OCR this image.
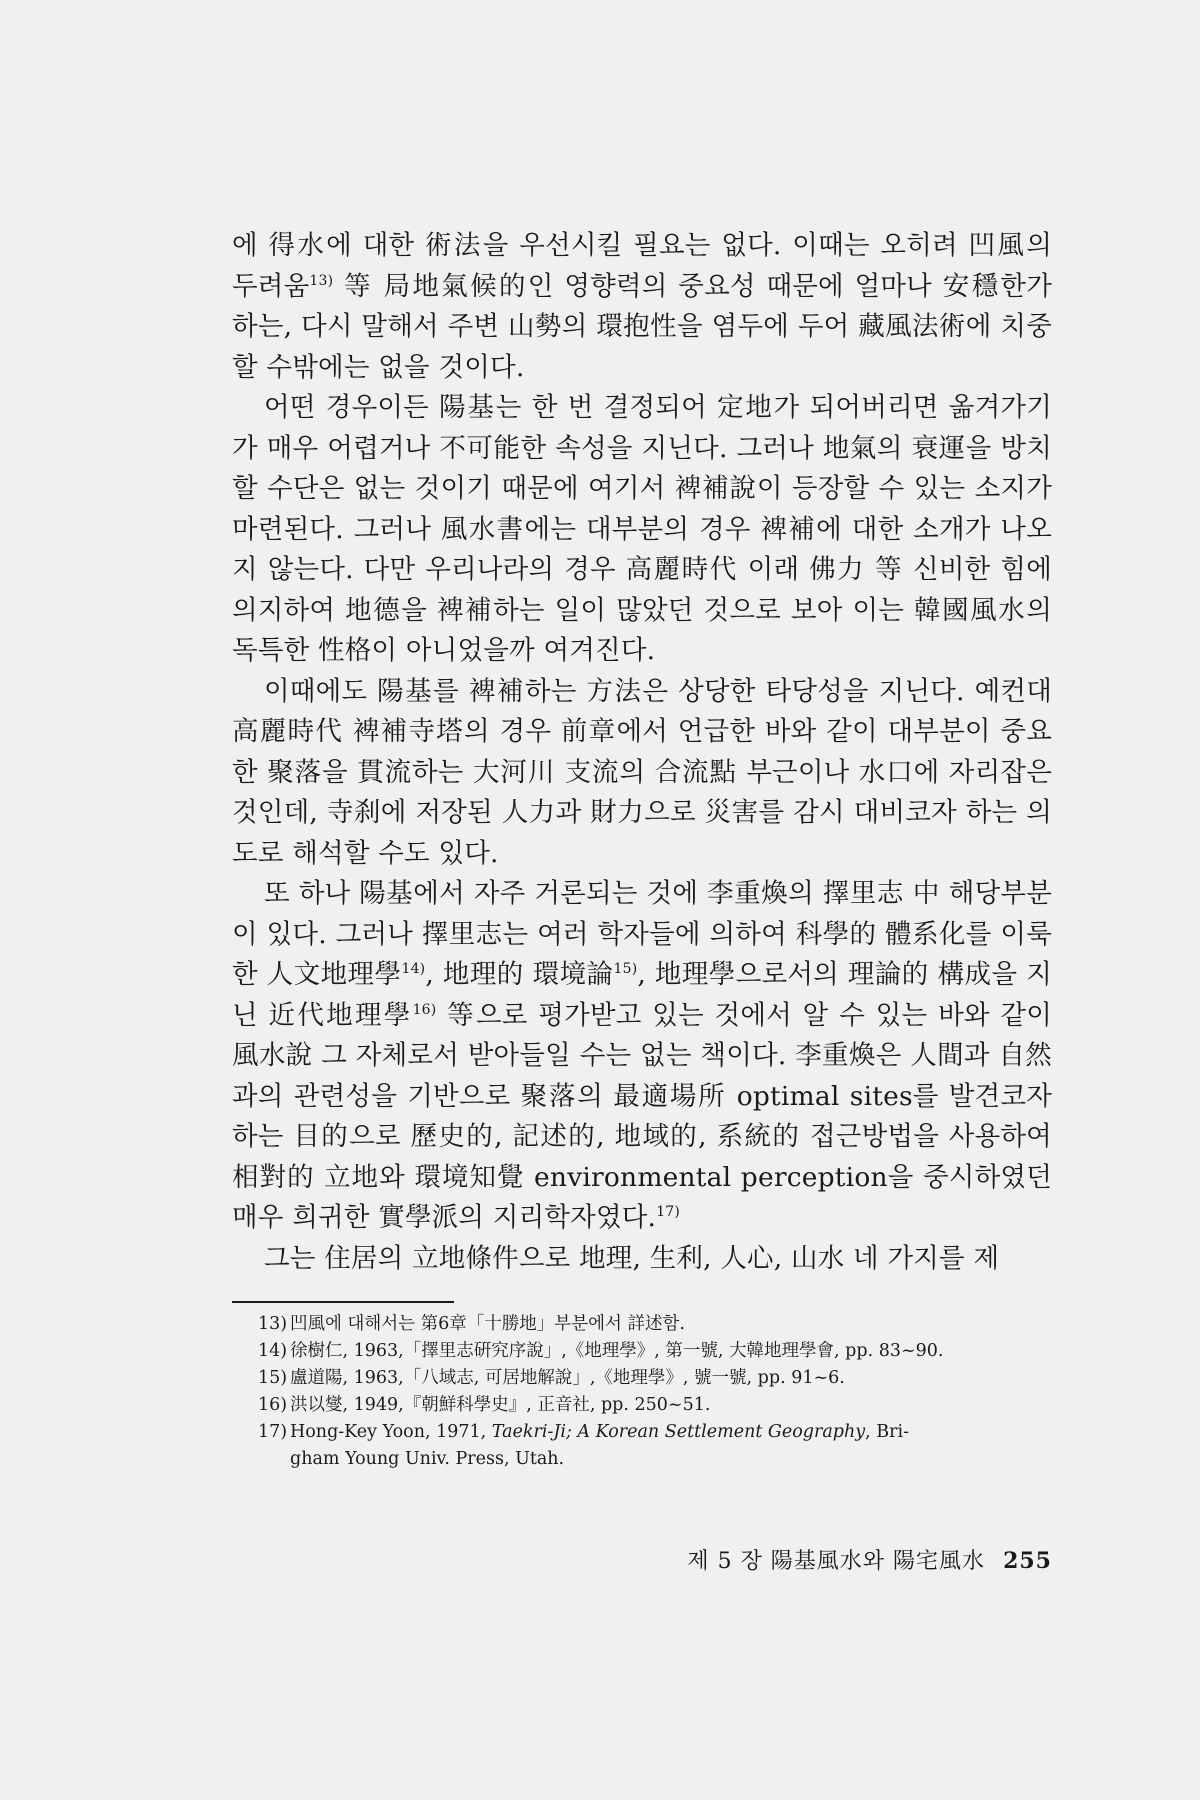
에 得水에 대한 術法을 우선시킬 필요는 없다. 이때는 오히려 凹風의 두려움$^{13)}$ 等 局地氣候的인 영향력의 중요성 때문에 얼마나 安穩한가 하는, 다시 말해서 주변 山勢의 環抱性을 염두에 두어 藏風法術에 치중할 수밖에는 없을 것이다.

어떤 경우이든 陽基는 한 번 결정되어 定地가 되어버리면 옮겨가기가 매우 어렵거나 不可能한 속성을 지닌다. 그러나 地氣의 衰運을 방치할 수단은 없는 것이기 때문에 여기서 裨補說이 등장할 수 있는 소지가 마련된다. 그러나 風水書에는 대부분의 경우 裨補에 대한 소개가 나오지 않는다. 다만 우리나라의 경우 高麗時代 이래 佛力 等 신비한 힘에 의지하여 地德을 裨補하는 일이 많았던 것으로 보아 이는 韓國風水의 독특한 性格이 아니었을까 여겨진다.

이때에도 陽基를 裨補하는 方法은 상당한 타당성을 지닌다. 예컨대 高麗時代 裨補寺塔의 경우 前章에서 언급한 바와 같이 대부분이 중요한 聚落을 貫流하는 大河川 支流의 合流點 부근이나 水口에 자리잡은 것인데, 寺刹에 저장된 人力과 財力으로 災害를 감시 대비코자 하는 의도로 해석할 수도 있다.

또 하나 陽基에서 자주 거론되는 것에 李重煥의 擇里志 中 해당부분이 있다. 그러나 擇里志는 여러 학자들에 의하여 科學的 體系化를 이룩한 人文地理學$^{14)}$, 地理的 環境論$^{15)}$, 地理學으로서의 理論的 構成을 지닌 近代地理學$^{16)}$ 等으로 평가받고 있는 것에서 알 수 있는 바와 같이 風水說 그 자체로서 받아들일 수는 없는 책이다. 李重煥은 人間과 自然과의 관련성을 기반으로 聚落의 最適場所 optimal sites를 발견코자 하는 目的으로 歷史的, 記述的, 地域的, 系統的 접근방법을 사용하여 相對的 立地와 環境知覺 environmental perception을 중시하였던 매우 희귀한 實學派의 지리학자였다.$^{17)}$

그는 住居의 立地條件으로 地理, 生利, 人心, 山水 네 가지를 제

13) 凹風에 대해서는 第6章「十勝地」부분에서 詳述함.

14) 徐樹仁, 1963,「擇里志硏究序說」,《地理學》, 第一號, 大韓地理學會, pp. 83~90.

15) 盧道陽, 1963,「八域志, 可居地解說」,《地理學》, 號一號, pp. 91~6.

16) 洪以燮, 1949,『朝鮮科學史』, 正音社, pp. 250~51.

17) Hong-Key Yoon, 1971, Taekri-Ji; A Korean Settlement Geography, Bri-

gham Young Univ. Press, Utah.

제 5 장 陽基風水와 陽宅風水 255
